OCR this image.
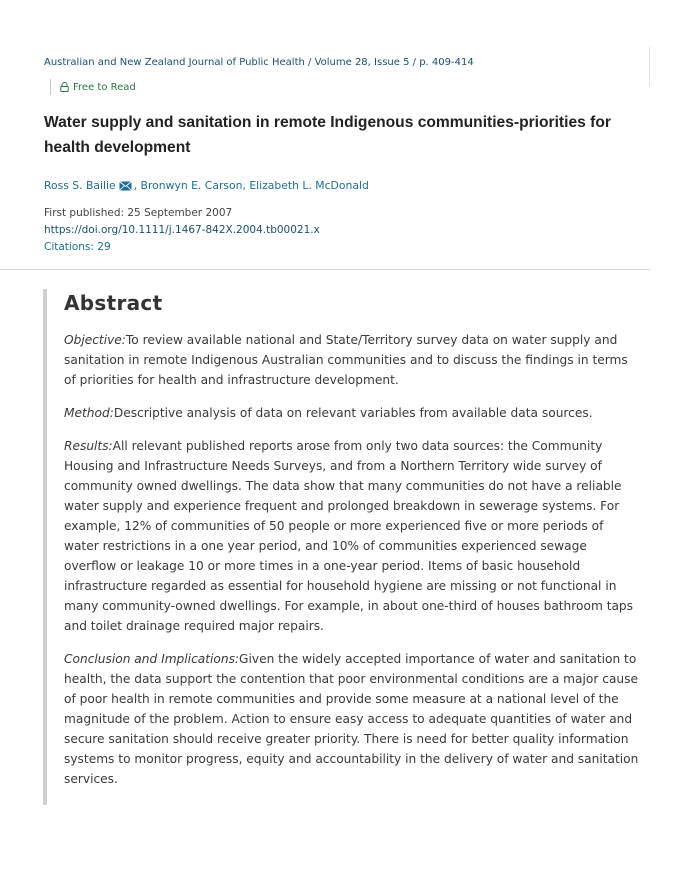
Australian and New Zealand Journal of Public Health / Volume 28, Issue 5 / p. 409-414
Free to Read
Water supply and sanitation in remote Indigenous communities-priorities for health development
Ross S. Bailie , Bronwyn E. Carson, Elizabeth L. McDonald
First published: 25 September 2007
https://doi.org/10.1111/j.1467-842X.2004.tb00021.x
Citations: 29
Abstract

Objective:To review available national and State/Territory survey data on water supply and sanitation in remote Indigenous Australian communities and to discuss the findings in terms of priorities for health and infrastructure development.

Method:Descriptive analysis of data on relevant variables from available data sources.

Results:All relevant published reports arose from only two data sources: the Community Housing and Infrastructure Needs Surveys, and from a Northern Territory wide survey of community owned dwellings. The data show that many communities do not have a reliable water supply and experience frequent and prolonged breakdown in sewerage systems. For example, 12% of communities of 50 people or more experienced five or more periods of water restrictions in a one year period, and 10% of communities experienced sewage overflow or leakage 10 or more times in a one-year period. Items of basic household infrastructure regarded as essential for household hygiene are missing or not functional in many community-owned dwellings. For example, in about one-third of houses bathroom taps and toilet drainage required major repairs.

Conclusion and Implications:Given the widely accepted importance of water and sanitation to health, the data support the contention that poor environmental conditions are a major cause of poor health in remote communities and provide some measure at a national level of the magnitude of the problem. Action to ensure easy access to adequate quantities of water and secure sanitation should receive greater priority. There is need for better quality information systems to monitor progress, equity and accountability in the delivery of water and sanitation services.
